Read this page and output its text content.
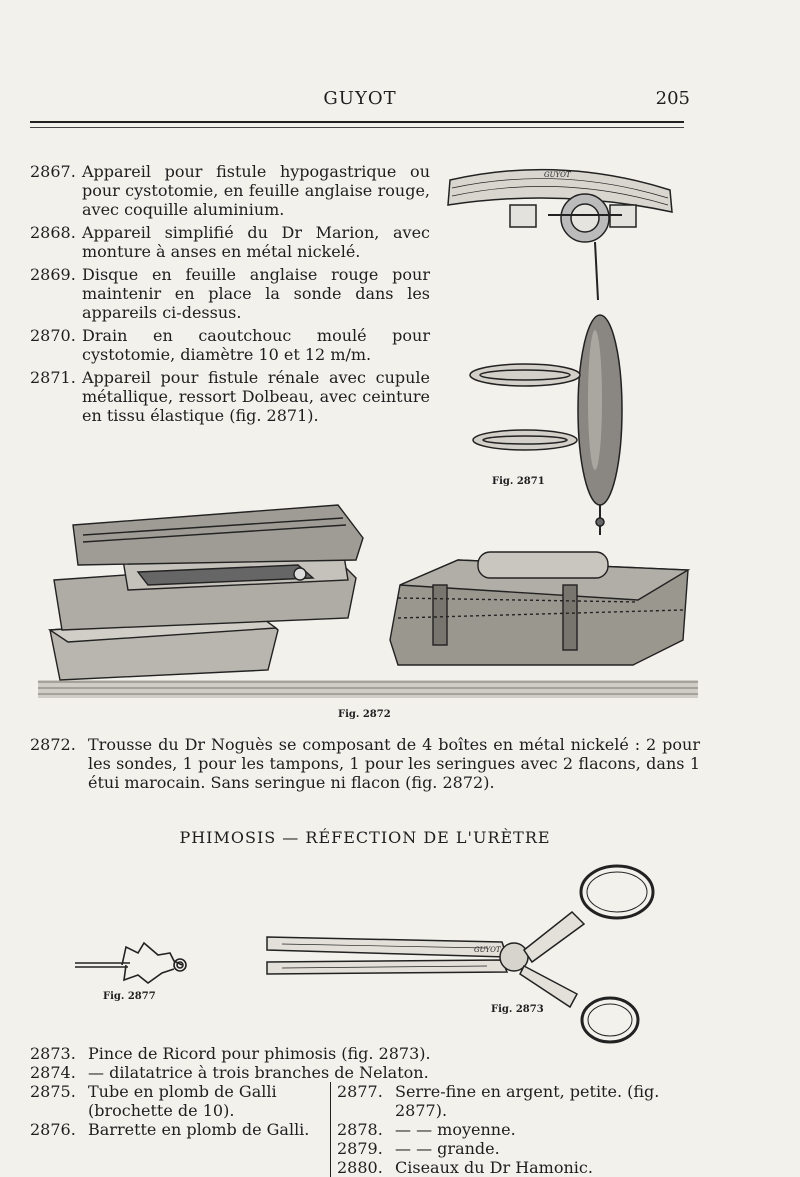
GUYOT	205
2867. Appareil pour fistule hypogastrique ou pour cystotomie, en feuille anglaise rouge, avec coquille aluminium.
2868. Appareil simplifié du Dr Marion, avec monture à anses en métal nickelé.
2869. Disque en feuille anglaise rouge pour maintenir en place la sonde dans les appareils ci-dessus.
2870. Drain en caoutchouc moulé pour cystotomie, diamètre 10 et 12 m/m.
2871. Appareil pour fistule rénale avec cupule métallique, ressort Dolbeau, avec ceinture en tissu élastique (fig. 2871).
GUYOT
Fig. 2871
Fig. 2872
2872. Trousse du Dr Noguès se composant de 4 boîtes en métal nickelé : 2 pour les sondes, 1 pour les tampons, 1 pour les seringues avec 2 flacons, dans 1 étui marocain. Sans seringue ni flacon (fig. 2872).
PHIMOSIS — RÉFECTION DE L'URÈTRE
Fig. 2877
GUYOT
Fig. 2873
2873. Pince de Ricord pour phimosis (fig. 2873).
2874. — dilatatrice à trois branches de Nelaton.
2875. Tube en plomb de Galli (brochette de 10).
2876. Barrette en plomb de Galli.
2877. Serre-fine en argent, petite. (fig. 2877).
2878. — — moyenne.
2879. — — grande.
2880. Ciseaux du Dr Hamonic.
